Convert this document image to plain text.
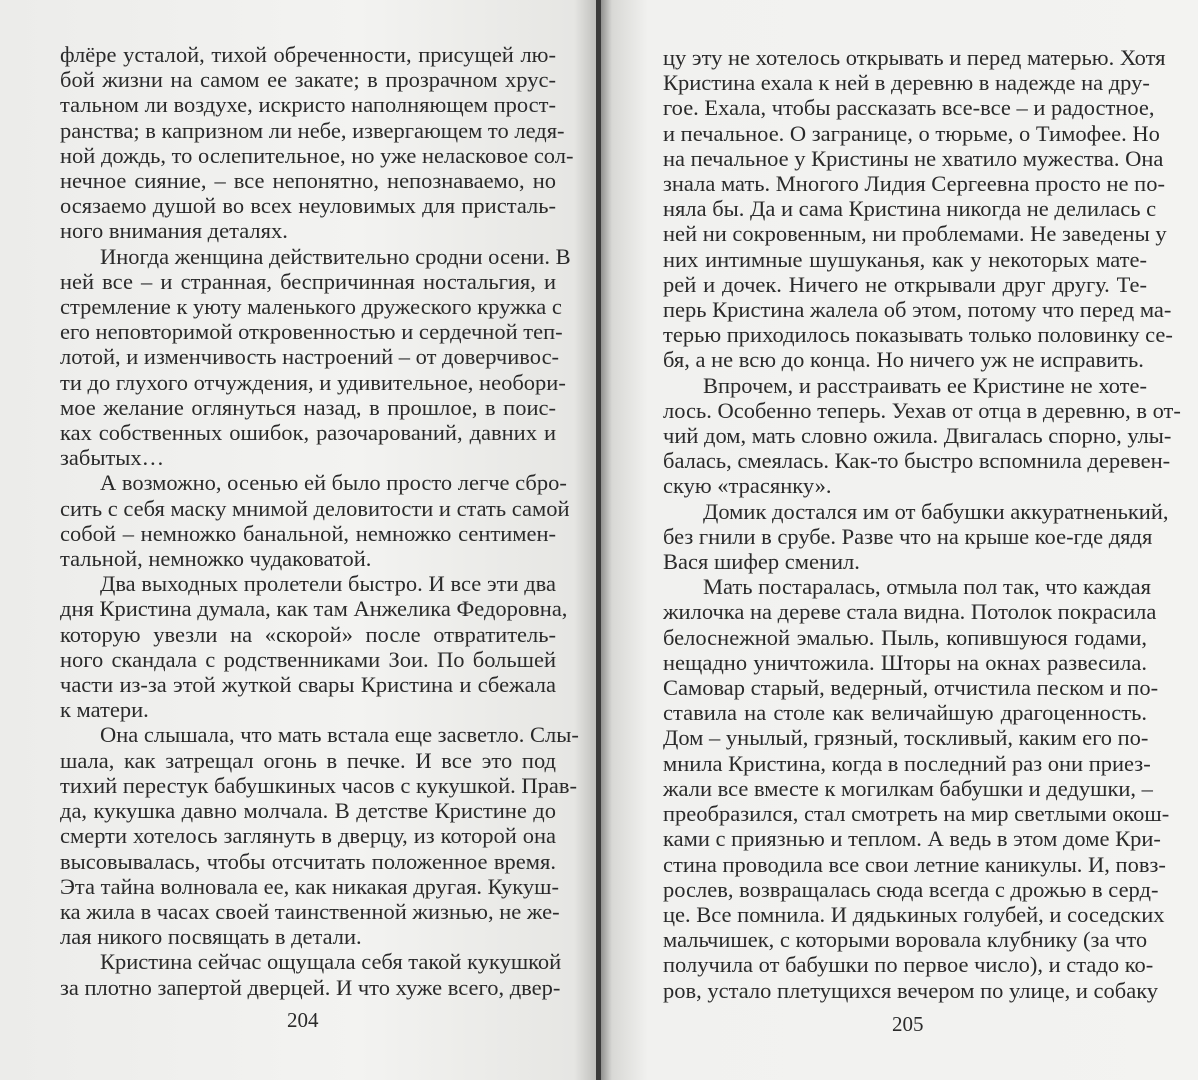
флёре усталой, тихой обреченности, присущей лю-
бой жизни на самом ее закате; в прозрачном хрус-
тальном ли воздухе, искристо наполняющем прост-
ранства; в капризном ли небе, извергающем то ледя-
ной дождь, то ослепительное, но уже неласковое сол-
нечное сияние, – все непонятно, непознаваемо, но
осязаемо душой во всех неуловимых для присталь-
ного внимания деталях.
Иногда женщина действительно сродни осени. В
ней все – и странная, беспричинная ностальгия, и
стремление к уюту маленького дружеского кружка с
его неповторимой откровенностью и сердечной теп-
лотой, и изменчивость настроений – от доверчивос-
ти до глухого отчуждения, и удивительное, необори-
мое желание оглянуться назад, в прошлое, в поис-
ках собственных ошибок, разочарований, давних и
забытых…
А возможно, осенью ей было просто легче сбро-
сить с себя маску мнимой деловитости и стать самой
собой – немножко банальной, немножко сентимен-
тальной, немножко чудаковатой.
Два выходных пролетели быстро. И все эти два
дня Кристина думала, как там Анжелика Федоровна,
которую увезли на «скорой» после отвратитель-
ного скандала с родственниками Зои. По большей
части из-за этой жуткой свары Кристина и сбежала
к матери.
Она слышала, что мать встала еще засветло. Слы-
шала, как затрещал огонь в печке. И все это под
тихий перестук бабушкиных часов с кукушкой. Прав-
да, кукушка давно молчала. В детстве Кристине до
смерти хотелось заглянуть в дверцу, из которой она
высовывалась, чтобы отсчитать положенное время.
Эта тайна волновала ее, как никакая другая. Кукуш-
ка жила в часах своей таинственной жизнью, не же-
лая никого посвящать в детали.
Кристина сейчас ощущала себя такой кукушкой
за плотно запертой дверцей. И что хуже всего, двер-
204
цу эту не хотелось открывать и перед матерью. Хотя
Кристина ехала к ней в деревню в надежде на дру-
гое. Ехала, чтобы рассказать все-все – и радостное,
и печальное. О загранице, о тюрьме, о Тимофее. Но
на печальное у Кристины не хватило мужества. Она
знала мать. Многого Лидия Сергеевна просто не по-
няла бы. Да и сама Кристина никогда не делилась с
ней ни сокровенным, ни проблемами. Не заведены у
них интимные шушуканья, как у некоторых мате-
рей и дочек. Ничего не открывали друг другу. Те-
перь Кристина жалела об этом, потому что перед ма-
терью приходилось показывать только половинку се-
бя, а не всю до конца. Но ничего уж не исправить.
Впрочем, и расстраивать ее Кристине не хоте-
лось. Особенно теперь. Уехав от отца в деревню, в от-
чий дом, мать словно ожила. Двигалась спорно, улы-
балась, смеялась. Как-то быстро вспомнила деревен-
скую «трасянку».
Домик достался им от бабушки аккуратненький,
без гнили в срубе. Разве что на крыше кое-где дядя
Вася шифер сменил.
Мать постаралась, отмыла пол так, что каждая
жилочка на дереве стала видна. Потолок покрасила
белоснежной эмалью. Пыль, копившуюся годами,
нещадно уничтожила. Шторы на окнах развесила.
Самовар старый, ведерный, отчистила песком и по-
ставила на столе как величайшую драгоценность.
Дом – унылый, грязный, тоскливый, каким его по-
мнила Кристина, когда в последний раз они приез-
жали все вместе к могилкам бабушки и дедушки, –
преобразился, стал смотреть на мир светлыми окош-
ками с приязнью и теплом. А ведь в этом доме Кри-
стина проводила все свои летние каникулы. И, повз-
рослев, возвращалась сюда всегда с дрожью в серд-
це. Все помнила. И дядькиных голубей, и соседских
мальчишек, с которыми воровала клубнику (за что
получила от бабушки по первое число), и стадо ко-
ров, устало плетущихся вечером по улице, и собаку
205
